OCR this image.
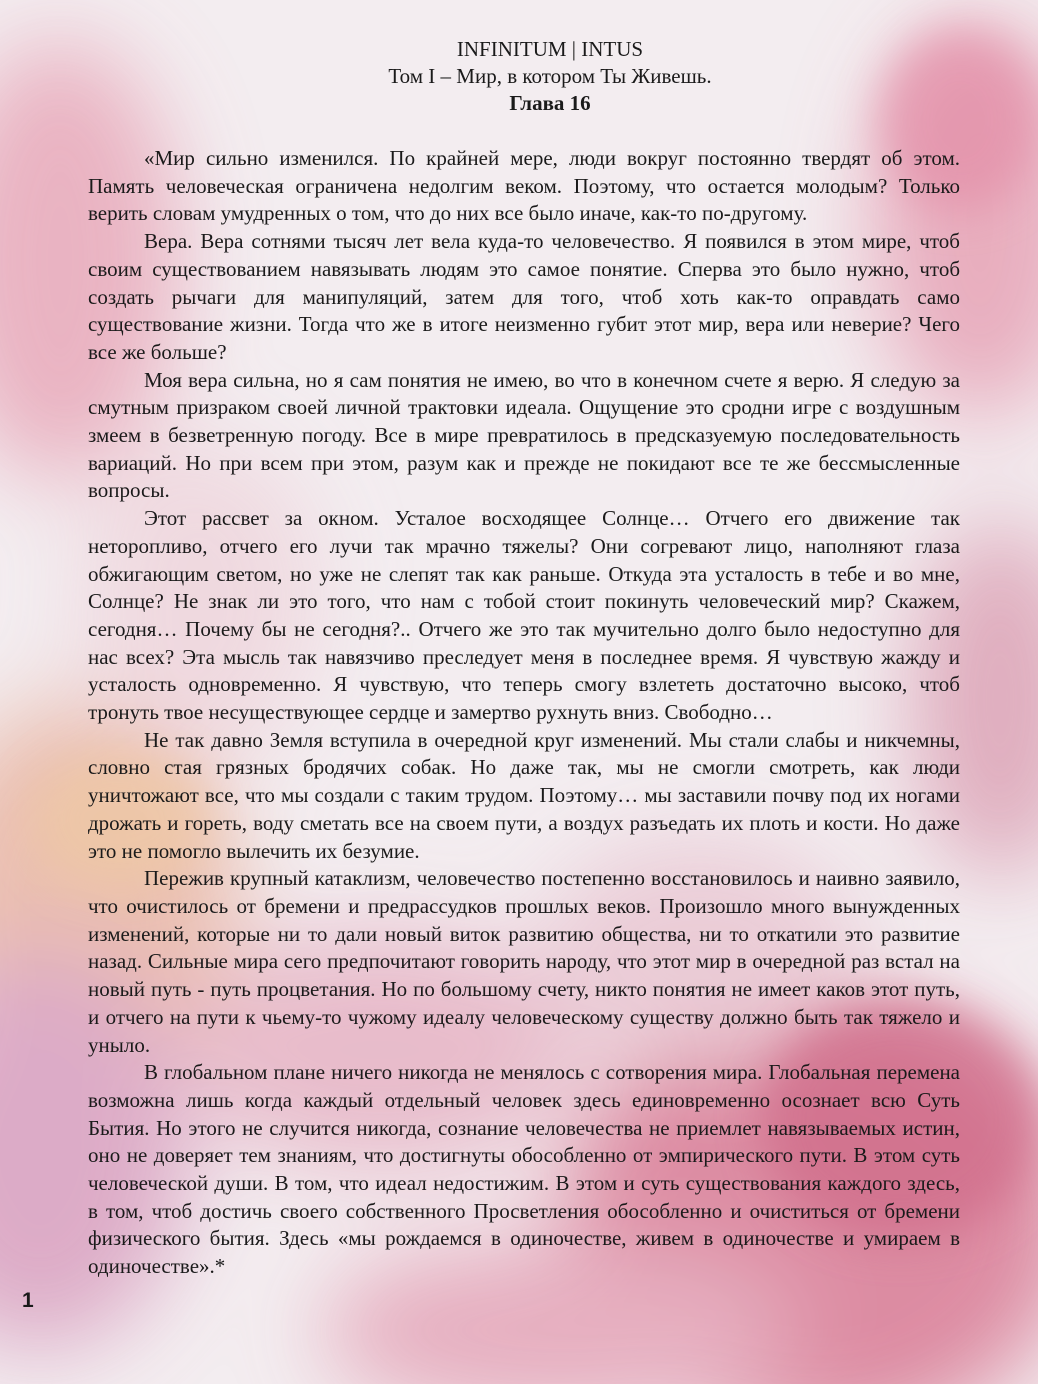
INFINITUM | INTUS
Том I – Мир, в котором Ты Живешь.
Глава 16

«Мир сильно изменился. По крайней мере, люди вокруг постоянно твердят об этом. Память человеческая ограничена недолгим веком. Поэтому, что остается молодым? Только верить словам умудренных о том, что до них все было иначе, как-то по-другому.

Вера. Вера сотнями тысяч лет вела куда-то человечество. Я появился в этом мире, чтоб своим существованием навязывать людям это самое понятие. Сперва это было нужно, чтоб создать рычаги для манипуляций, затем для того, чтоб хоть как-то оправдать само существование жизни. Тогда что же в итоге неизменно губит этот мир, вера или неверие? Чего все же больше?

Моя вера сильна, но я сам понятия не имею, во что в конечном счете я верю. Я следую за смутным призраком своей личной трактовки идеала. Ощущение это сродни игре с воздушным змеем в безветренную погоду. Все в мире превратилось в предсказуемую последовательность вариаций. Но при всем при этом, разум как и прежде не покидают все те же бессмысленные вопросы.

Этот рассвет за окном. Усталое восходящее Солнце… Отчего его движение так неторопливо, отчего его лучи так мрачно тяжелы? Они согревают лицо, наполняют глаза обжигающим светом, но уже не слепят так как раньше. Откуда эта усталость в тебе и во мне, Солнце? Не знак ли это того, что нам с тобой стоит покинуть человеческий мир? Скажем, сегодня… Почему бы не сегодня?.. Отчего же это так мучительно долго было недоступно для нас всех? Эта мысль так навязчиво преследует меня в последнее время. Я чувствую жажду и усталость одновременно. Я чувствую, что теперь смогу взлететь достаточно высоко, чтоб тронуть твое несуществующее сердце и замертво рухнуть вниз. Свободно…

Не так давно Земля вступила в очередной круг изменений. Мы стали слабы и никчемны, словно стая грязных бродячих собак. Но даже так, мы не смогли смотреть, как люди уничтожают все, что мы создали с таким трудом. Поэтому… мы заставили почву под их ногами дрожать и гореть, воду сметать все на своем пути, а воздух разъедать их плоть и кости. Но даже это не помогло вылечить их безумие.

Пережив крупный катаклизм, человечество постепенно восстановилось и наивно заявило, что очистилось от бремени и предрассудков прошлых веков. Произошло много вынужденных изменений, которые ни то дали новый виток развитию общества, ни то откатили это развитие назад. Сильные мира сего предпочитают говорить народу, что этот мир в очередной раз встал на новый путь - путь процветания. Но по большому счету, никто понятия не имеет каков этот путь, и отчего на пути к чьему-то чужому идеалу человеческому существу должно быть так тяжело и уныло.

В глобальном плане ничего никогда не менялось с сотворения мира. Глобальная перемена возможна лишь когда каждый отдельный человек здесь единовременно осознает всю Суть Бытия. Но этого не случится никогда, сознание человечества не приемлет навязываемых истин, оно не доверяет тем знаниям, что достигнуты обособленно от эмпирического пути. В этом суть человеческой души. В том, что идеал недостижим. В этом и суть существования каждого здесь, в том, чтоб достичь своего собственного Просветления обособленно и очиститься от бремени физического бытия. Здесь «мы рождаемся в одиночестве, живем в одиночестве и умираем в одиночестве».*

1
